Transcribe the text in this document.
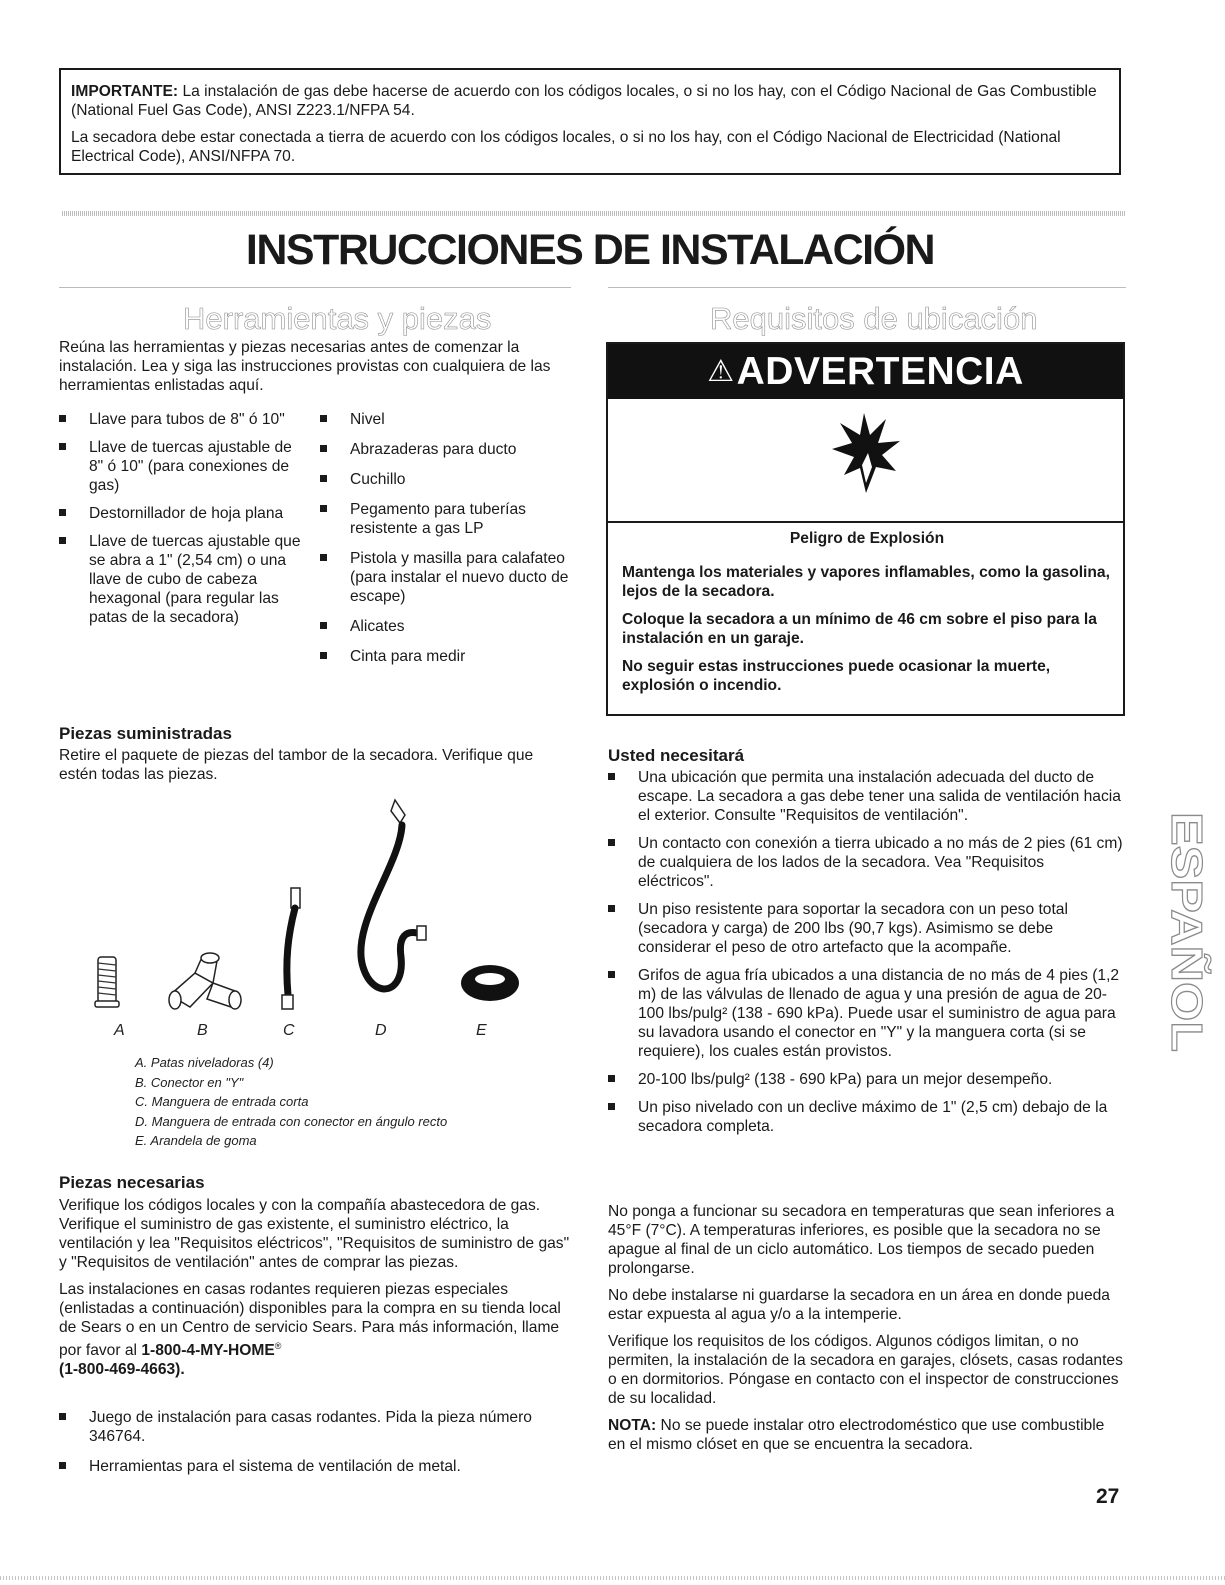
IMPORTANTE: La instalación de gas debe hacerse de acuerdo con los códigos locales, o si no los hay, con el Código Nacional de Gas Combustible (National Fuel Gas Code), ANSI Z223.1/NFPA 54.

La secadora debe estar conectada a tierra de acuerdo con los códigos locales, o si no los hay, con el Código Nacional de Electricidad (National Electrical Code), ANSI/NFPA 70.

INSTRUCCIONES DE INSTALACIÓN
Herramientas y piezas
Reúna las herramientas y piezas necesarias antes de comenzar la instalación. Lea y siga las instrucciones provistas con cualquiera de las herramientas enlistadas aquí.
Llave para tubos de 8" ó 10"
Llave de tuercas ajustable de 8" ó 10" (para conexiones de gas)
Destornillador de hoja plana
Llave de tuercas ajustable que se abra a 1" (2,54 cm) o una llave de cubo de cabeza hexagonal (para regular las patas de la secadora)
Nivel
Abrazaderas para ducto
Cuchillo
Pegamento para tuberías resistente a gas LP
Pistola y masilla para calafateo (para instalar el nuevo ducto de escape)
Alicates
Cinta para medir
Piezas suministradas
Retire el paquete de piezas del tambor de la secadora. Verifique que estén todas las piezas.
A	B	C	D	E
A. Patas niveladoras (4)
B. Conector en "Y"
C. Manguera de entrada corta
D. Manguera de entrada con conector en ángulo recto
E. Arandela de goma
Piezas necesarias

Verifique los códigos locales y con la compañía abastecedora de gas. Verifique el suministro de gas existente, el suministro eléctrico, la ventilación y lea "Requisitos eléctricos", "Requisitos de suministro de gas" y "Requisitos de ventilación" antes de comprar las piezas.

Las instalaciones en casas rodantes requieren piezas especiales (enlistadas a continuación) disponibles para la compra en su tienda local de Sears o en un Centro de servicio Sears. Para más información, llame por favor al 1-800-4-MY-HOME®
(1-800-469-4663).

Juego de instalación para casas rodantes. Pida la pieza número 346764.
Herramientas para el sistema de ventilación de metal.
Requisitos de ubicación
⚠ADVERTENCIA

Peligro de Explosión

Mantenga los materiales y vapores inflamables, como la gasolina, lejos de la secadora.

Coloque la secadora a un mínimo de 46 cm sobre el piso para la instalación en un garaje.

No seguir estas instrucciones puede ocasionar la muerte, explosión o incendio.

Usted necesitará
Una ubicación que permita una instalación adecuada del ducto de escape. La secadora a gas debe tener una salida de ventilación hacia el exterior. Consulte "Requisitos de ventilación".
Un contacto con conexión a tierra ubicado a no más de 2 pies (61 cm) de cualquiera de los lados de la secadora. Vea "Requisitos eléctricos".
Un piso resistente para soportar la secadora con un peso total (secadora y carga) de 200 lbs (90,7 kgs). Asimismo se debe considerar el peso de otro artefacto que la acompañe.
Grifos de agua fría ubicados a una distancia de no más de 4 pies (1,2 m) de las válvulas de llenado de agua y una presión de agua de 20-100 lbs/pulg² (138 - 690 kPa). Puede usar el suministro de agua para su lavadora usando el conector en "Y" y la manguera corta (si se requiere), los cuales están provistos.
20-100 lbs/pulg² (138 - 690 kPa) para un mejor desempeño.
Un piso nivelado con un declive máximo de 1" (2,5 cm) debajo de la secadora completa.

No ponga a funcionar su secadora en temperaturas que sean inferiores a 45°F (7°C). A temperaturas inferiores, es posible que la secadora no se apague al final de un ciclo automático. Los tiempos de secado pueden prolongarse.

No debe instalarse ni guardarse la secadora en un área en donde pueda estar expuesta al agua y/o a la intemperie.

Verifique los requisitos de los códigos. Algunos códigos limitan, o no permiten, la instalación de la secadora en garajes, clósets, casas rodantes o en dormitorios. Póngase en contacto con el inspector de construcciones de su localidad.

NOTA: No se puede instalar otro electrodoméstico que use combustible en el mismo clóset en que se encuentra la secadora.

ESPAÑOL
27
